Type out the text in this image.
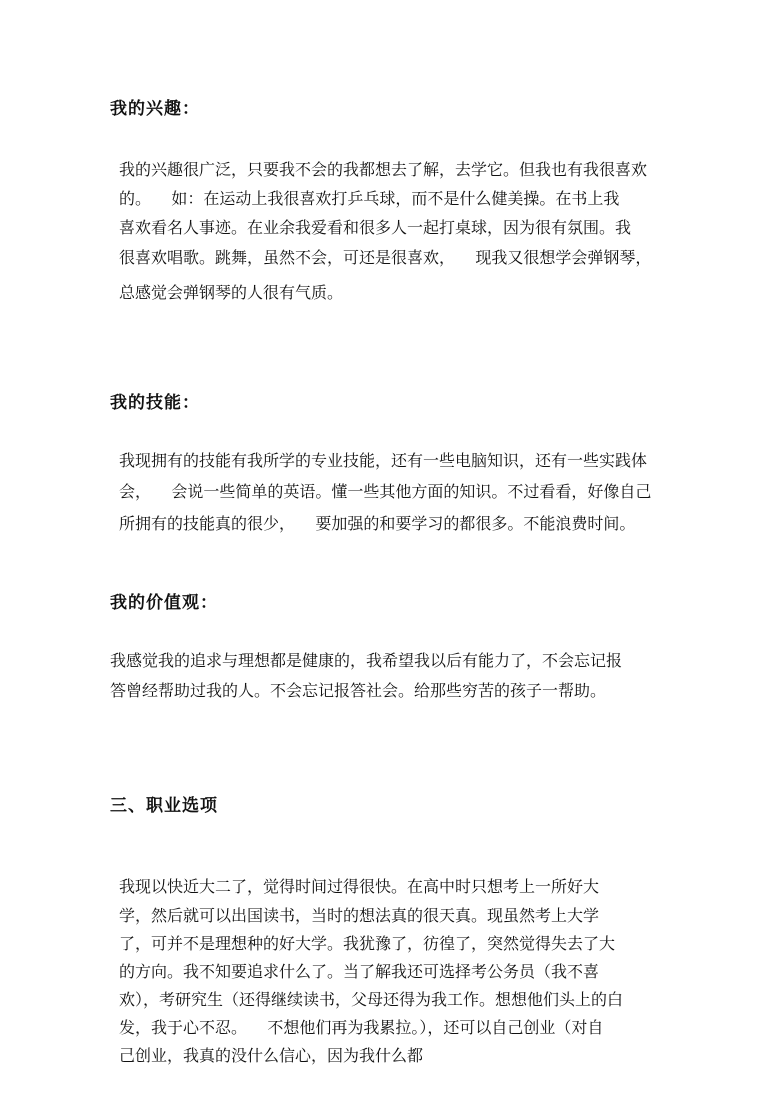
我的兴趣：

我的兴趣很广泛，只要我不会的我都想去了解，去学它。但我也有我很喜欢

的。    如：在运动上我很喜欢打乒乓球，而不是什么健美操。在书上我

喜欢看名人事迹。在业余我爱看和很多人一起打桌球，因为很有氛围。我

很喜欢唱歌。跳舞，虽然不会，可还是很喜欢，    现我又很想学会弹钢琴，

总感觉会弹钢琴的人很有气质。

我的技能：

我现拥有的技能有我所学的专业技能，还有一些电脑知识，还有一些实践体

会，    会说一些简单的英语。懂一些其他方面的知识。不过看看，好像自己

所拥有的技能真的很少，    要加强的和要学习的都很多。不能浪费时间。

我的价值观：

我感觉我的追求与理想都是健康的，我希望我以后有能力了，不会忘记报

答曾经帮助过我的人。不会忘记报答社会。给那些穷苦的孩子一帮助。

三、职业选项

我现以快近大二了，觉得时间过得很快。在高中时只想考上一所好大

学，然后就可以出国读书，当时的想法真的很天真。现虽然考上大学

了，可并不是理想种的好大学。我犹豫了，彷徨了，突然觉得失去了大

的方向。我不知要追求什么了。当了解我还可选择考公务员（我不喜

欢），考研究生（还得继续读书，父母还得为我工作。想想他们头上的白

发，我于心不忍。    不想他们再为我累拉。），还可以自己创业（对自

己创业，我真的没什么信心，因为我什么都
